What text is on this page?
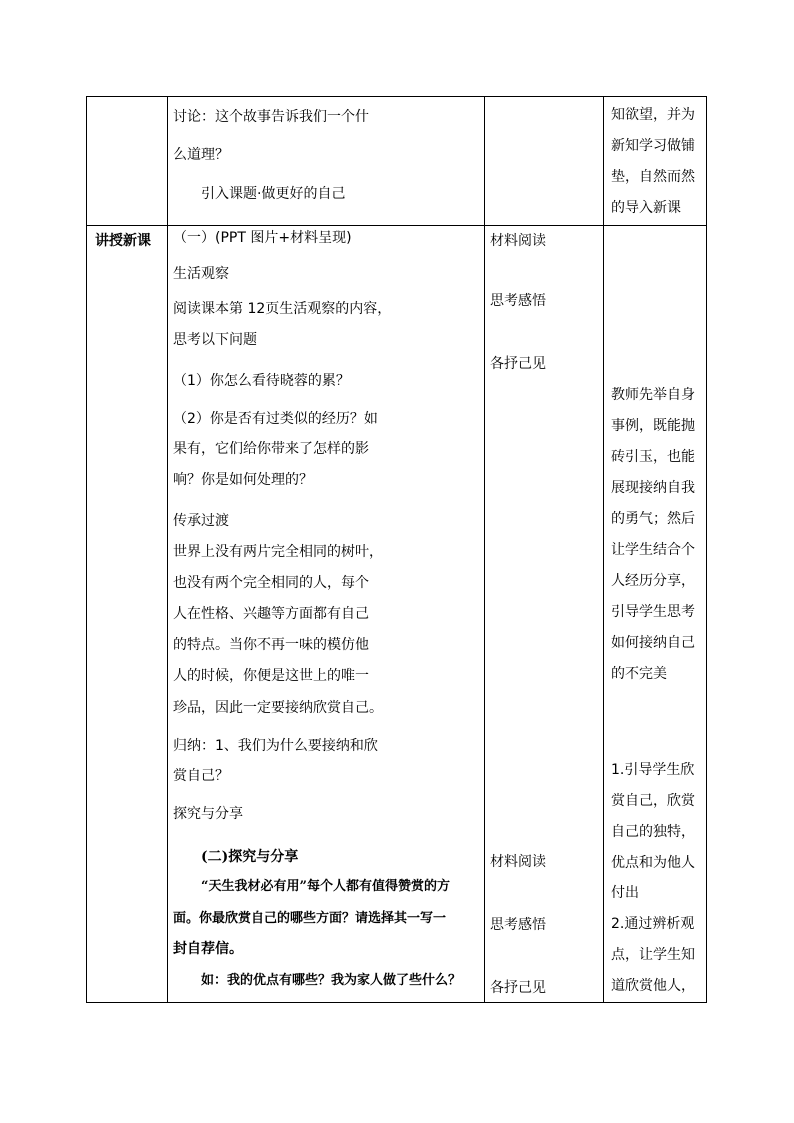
讨论：这个故事告诉我们一个什
么道理？
引入课题·做更好的自己
知欲望，并为
新知学习做铺
垫，自然而然
的导入新课
讲授新课 （一）(PPT 图片+材料呈现)
生活观察
阅读课本第 12页生活观察的内容，
思考以下问题
（1）你怎么看待晓蓉的累？
（2）你是否有过类似的经历？如
果有，它们给你带来了怎样的影
响？你是如何处理的？
传承过渡
世界上没有两片完全相同的树叶，
也没有两个完全相同的人，每个
人在性格、兴趣等方面都有自己
的特点。当你不再一味的模仿他
人的时候，你便是这世上的唯一
珍品，因此一定要接纳欣赏自己。
归纳：1、我们为什么要接纳和欣
赏自己？
探究与分享
(二)探究与分享
“天生我材必有用”每个人都有值得赞赏的方
面。你最欣赏自己的哪些方面？请选择其一写一
封自荐信。
如：我的优点有哪些？我为家人做了些什么？
材料阅读
思考感悟
各抒己见
材料阅读
思考感悟
各抒己见
教师先举自身
事例，既能抛
砖引玉，也能
展现接纳自我
的勇气；然后
让学生结合个
人经历分享，
引导学生思考
如何接纳自己
的不完美
1.引导学生欣
赏自己，欣赏
自己的独特，
优点和为他人
付出
2.通过辨析观
点，让学生知
道欣赏他人，
